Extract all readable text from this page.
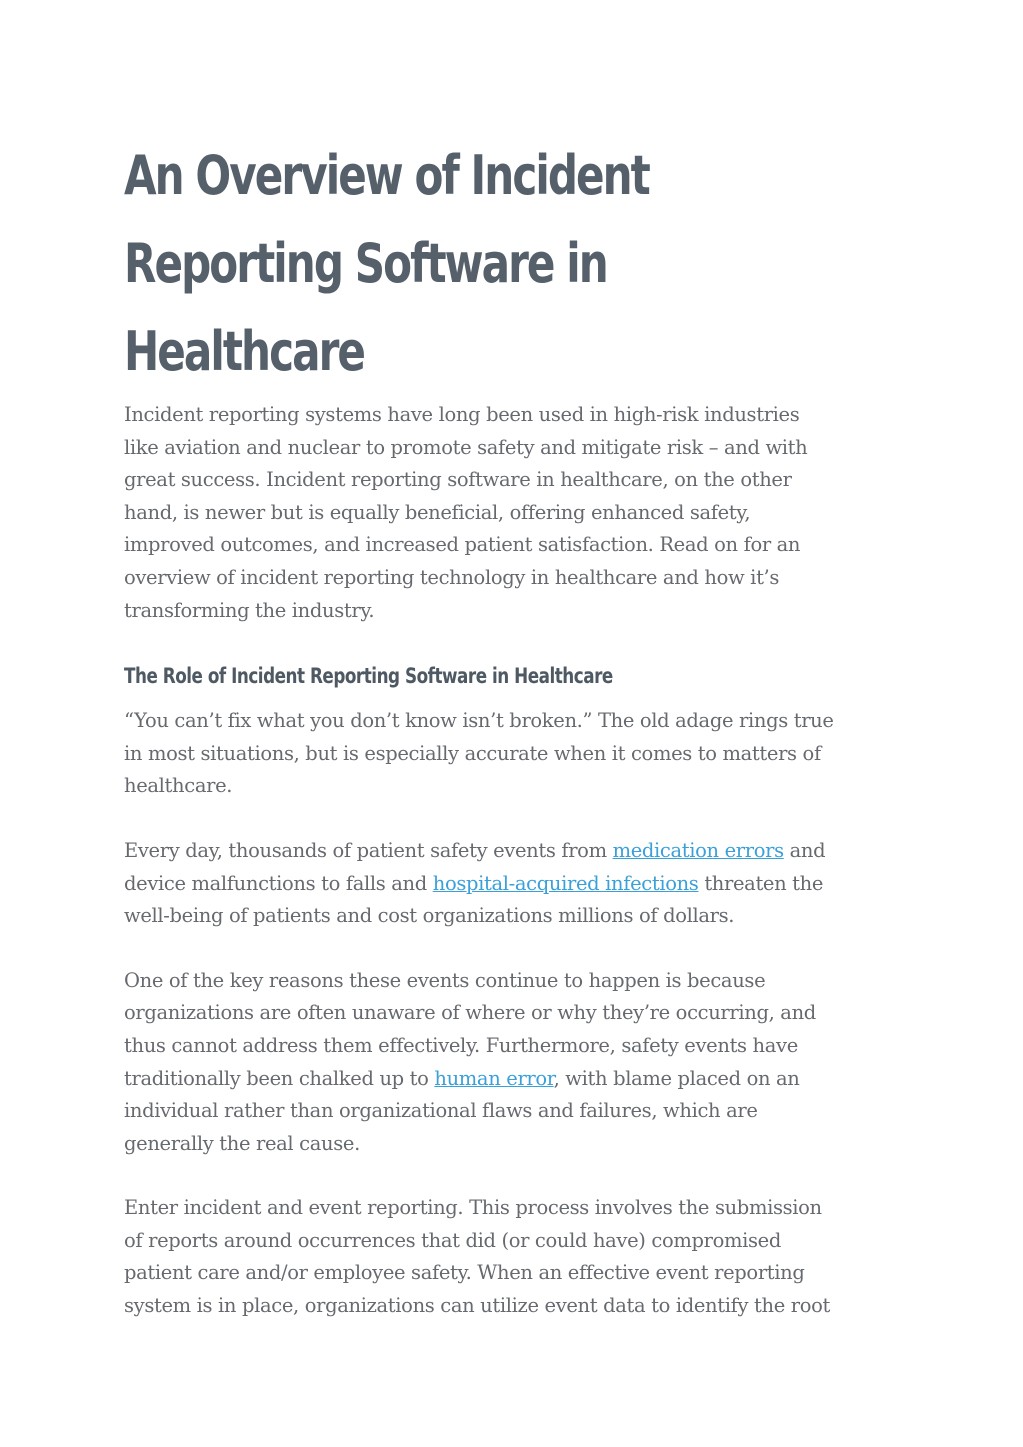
An Overview of Incident
Reporting Software in
Healthcare

Incident reporting systems have long been used in high-risk industries
like aviation and nuclear to promote safety and mitigate risk – and with
great success. Incident reporting software in healthcare, on the other
hand, is newer but is equally beneficial, offering enhanced safety,
improved outcomes, and increased patient satisfaction. Read on for an
overview of incident reporting technology in healthcare and how it’s
transforming the industry.

The Role of Incident Reporting Software in Healthcare

“You can’t fix what you don’t know isn’t broken.” The old adage rings true
in most situations, but is especially accurate when it comes to matters of
healthcare.

Every day, thousands of patient safety events from medication errors and
device malfunctions to falls and hospital-acquired infections threaten the
well-being of patients and cost organizations millions of dollars.

One of the key reasons these events continue to happen is because
organizations are often unaware of where or why they’re occurring, and
thus cannot address them effectively. Furthermore, safety events have
traditionally been chalked up to human error, with blame placed on an
individual rather than organizational flaws and failures, which are
generally the real cause.

Enter incident and event reporting. This process involves the submission
of reports around occurrences that did (or could have) compromised
patient care and/or employee safety. When an effective event reporting
system is in place, organizations can utilize event data to identify the root
